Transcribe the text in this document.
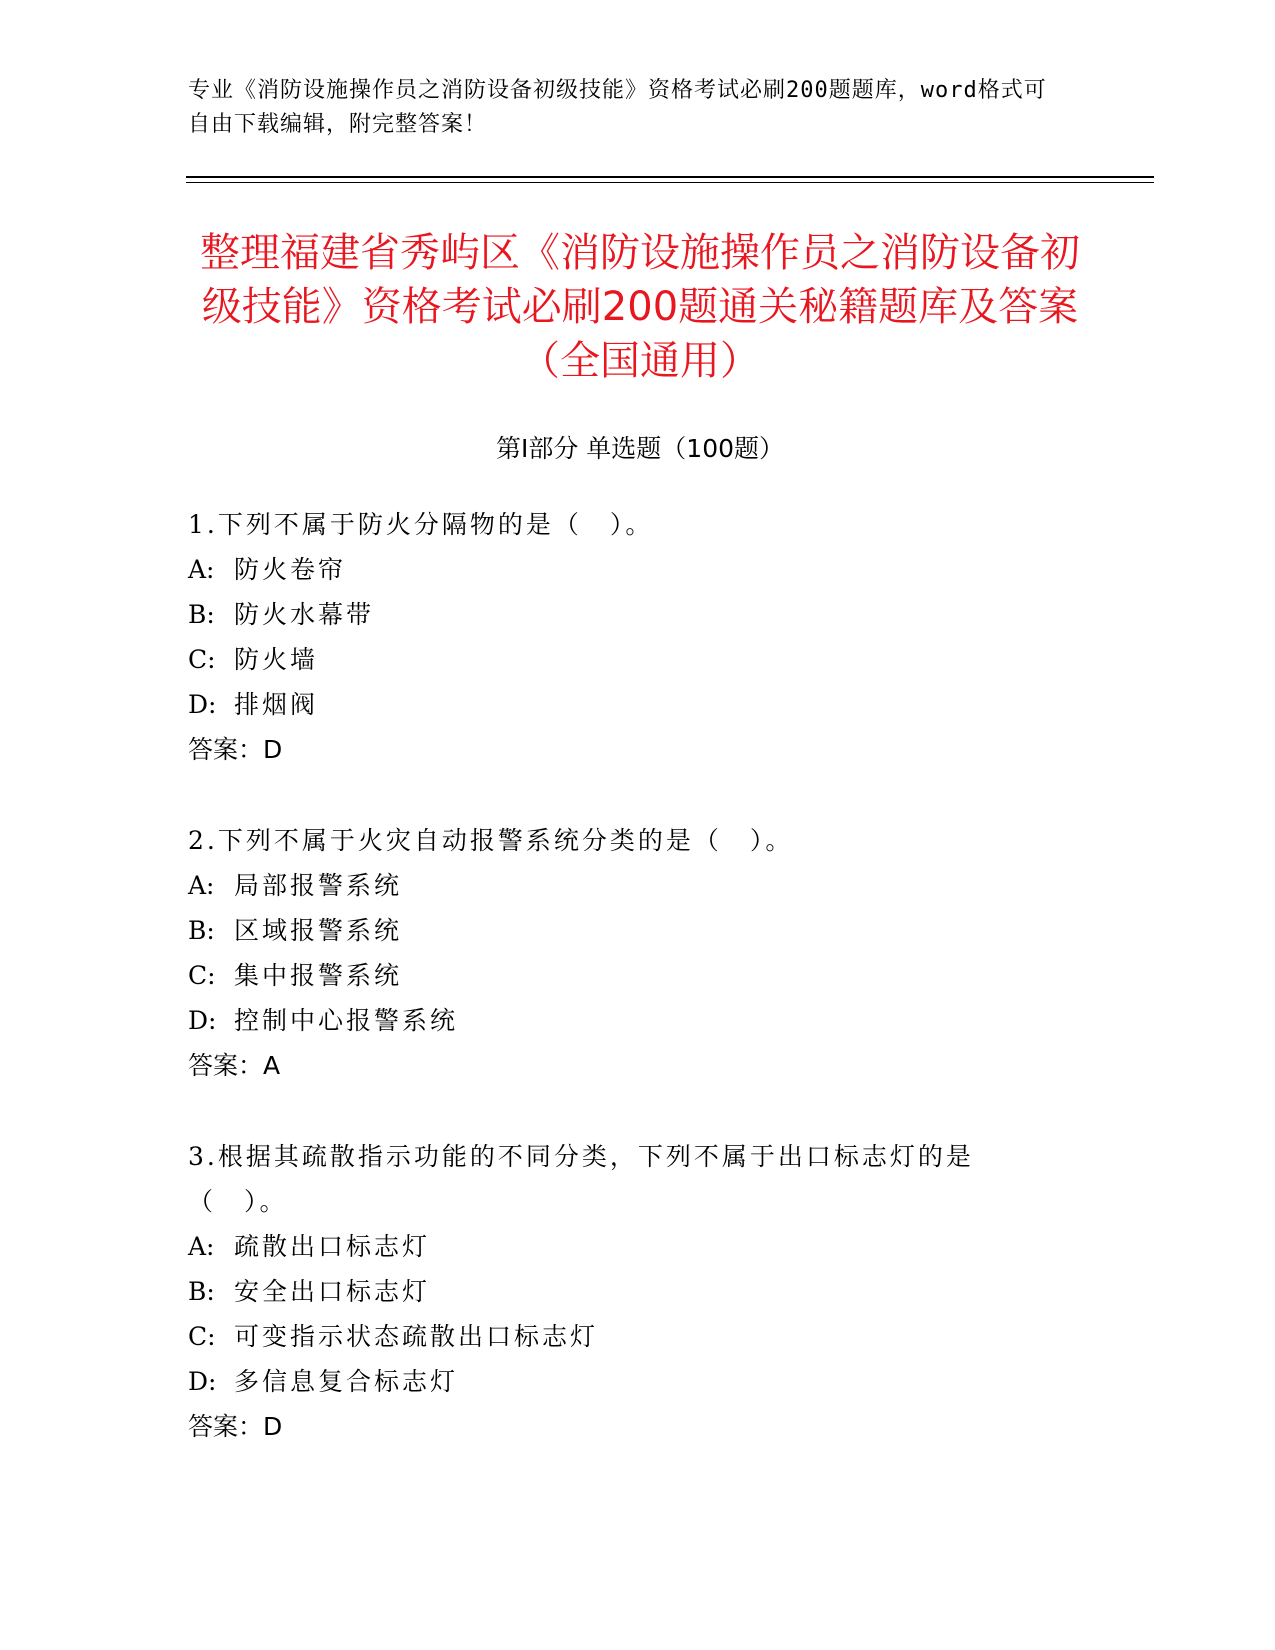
专业《消防设施操作员之消防设备初级技能》资格考试必刷200题题库，word格式可自由下载编辑，附完整答案！
整理福建省秀屿区《消防设施操作员之消防设备初级技能》资格考试必刷200题通关秘籍题库及答案（全国通用）
第Ⅰ部分 单选题（100题）

1.下列不属于防火分隔物的是（　）。

A: 防火卷帘

B: 防火水幕带

C: 防火墙

D: 排烟阀

答案：D

2.下列不属于火灾自动报警系统分类的是（　）。

A: 局部报警系统

B: 区域报警系统

C: 集中报警系统

D: 控制中心报警系统

答案：A

3.根据其疏散指示功能的不同分类，下列不属于出口标志灯的是（　）。

A: 疏散出口标志灯

B: 安全出口标志灯

C: 可变指示状态疏散出口标志灯

D: 多信息复合标志灯

答案：D
